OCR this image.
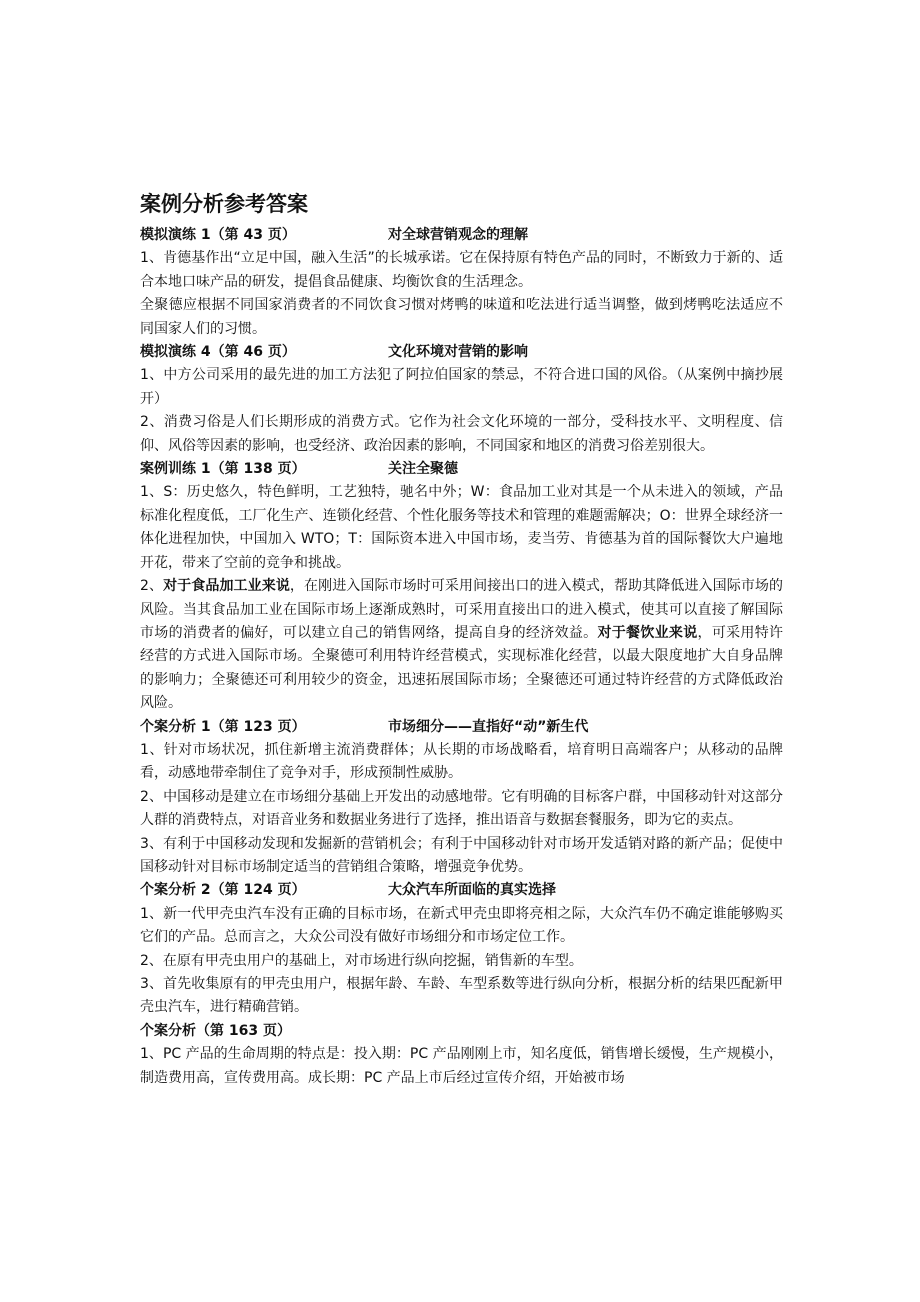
案例分析参考答案
模拟演练 1（第 43 页）	对全球营销观念的理解

1、肯德基作出“立足中国，融入生活”的长城承诺。它在保持原有特色产品的同时，不断致力于新的、适合本地口味产品的研发，提倡食品健康、均衡饮食的生活理念。

全聚德应根据不同国家消费者的不同饮食习惯对烤鸭的味道和吃法进行适当调整，做到烤鸭吃法适应不同国家人们的习惯。

模拟演练 4（第 46 页）	文化环境对营销的影响

1、中方公司采用的最先进的加工方法犯了阿拉伯国家的禁忌，不符合进口国的风俗。（从案例中摘抄展开）

2、消费习俗是人们长期形成的消费方式。它作为社会文化环境的一部分，受科技水平、文明程度、信仰、风俗等因素的影响，也受经济、政治因素的影响，不同国家和地区的消费习俗差别很大。

案例训练 1（第 138 页）	关注全聚德

1、S：历史悠久，特色鲜明，工艺独特，驰名中外；W：食品加工业对其是一个从未进入的领域，产品标准化程度低，工厂化生产、连锁化经营、个性化服务等技术和管理的难题需解决；O：世界全球经济一体化进程加快，中国加入 WTO；T：国际资本进入中国市场，麦当劳、肯德基为首的国际餐饮大户遍地开花，带来了空前的竞争和挑战。

2、对于食品加工业来说，在刚进入国际市场时可采用间接出口的进入模式，帮助其降低进入国际市场的风险。当其食品加工业在国际市场上逐渐成熟时，可采用直接出口的进入模式，使其可以直接了解国际市场的消费者的偏好，可以建立自己的销售网络，提高自身的经济效益。对于餐饮业来说，可采用特许经营的方式进入国际市场。全聚德可利用特许经营模式，实现标准化经营，以最大限度地扩大自身品牌的影响力；全聚德还可利用较少的资金，迅速拓展国际市场；全聚德还可通过特许经营的方式降低政治风险。

个案分析 1（第 123 页）	市场细分——直指好“动”新生代

1、针对市场状况，抓住新增主流消费群体；从长期的市场战略看，培育明日高端客户；从移动的品牌看，动感地带牵制住了竞争对手，形成预制性威胁。

2、中国移动是建立在市场细分基础上开发出的动感地带。它有明确的目标客户群，中国移动针对这部分人群的消费特点，对语音业务和数据业务进行了选择，推出语音与数据套餐服务，即为它的卖点。

3、有利于中国移动发现和发掘新的营销机会；有利于中国移动针对市场开发适销对路的新产品；促使中国移动针对目标市场制定适当的营销组合策略，增强竞争优势。

个案分析 2（第 124 页）	大众汽车所面临的真实选择

1、新一代甲壳虫汽车没有正确的目标市场，在新式甲壳虫即将亮相之际，大众汽车仍不确定谁能够购买它们的产品。总而言之，大众公司没有做好市场细分和市场定位工作。

2、在原有甲壳虫用户的基础上，对市场进行纵向挖掘，销售新的车型。

3、首先收集原有的甲壳虫用户，根据年龄、车龄、车型系数等进行纵向分析，根据分析的结果匹配新甲壳虫汽车，进行精确营销。

个案分析（第 163 页）

1、PC 产品的生命周期的特点是：投入期：PC 产品刚刚上市，知名度低，销售增长缓慢，生产规模小，制造费用高，宣传费用高。成长期：PC 产品上市后经过宣传介绍，开始被市场
